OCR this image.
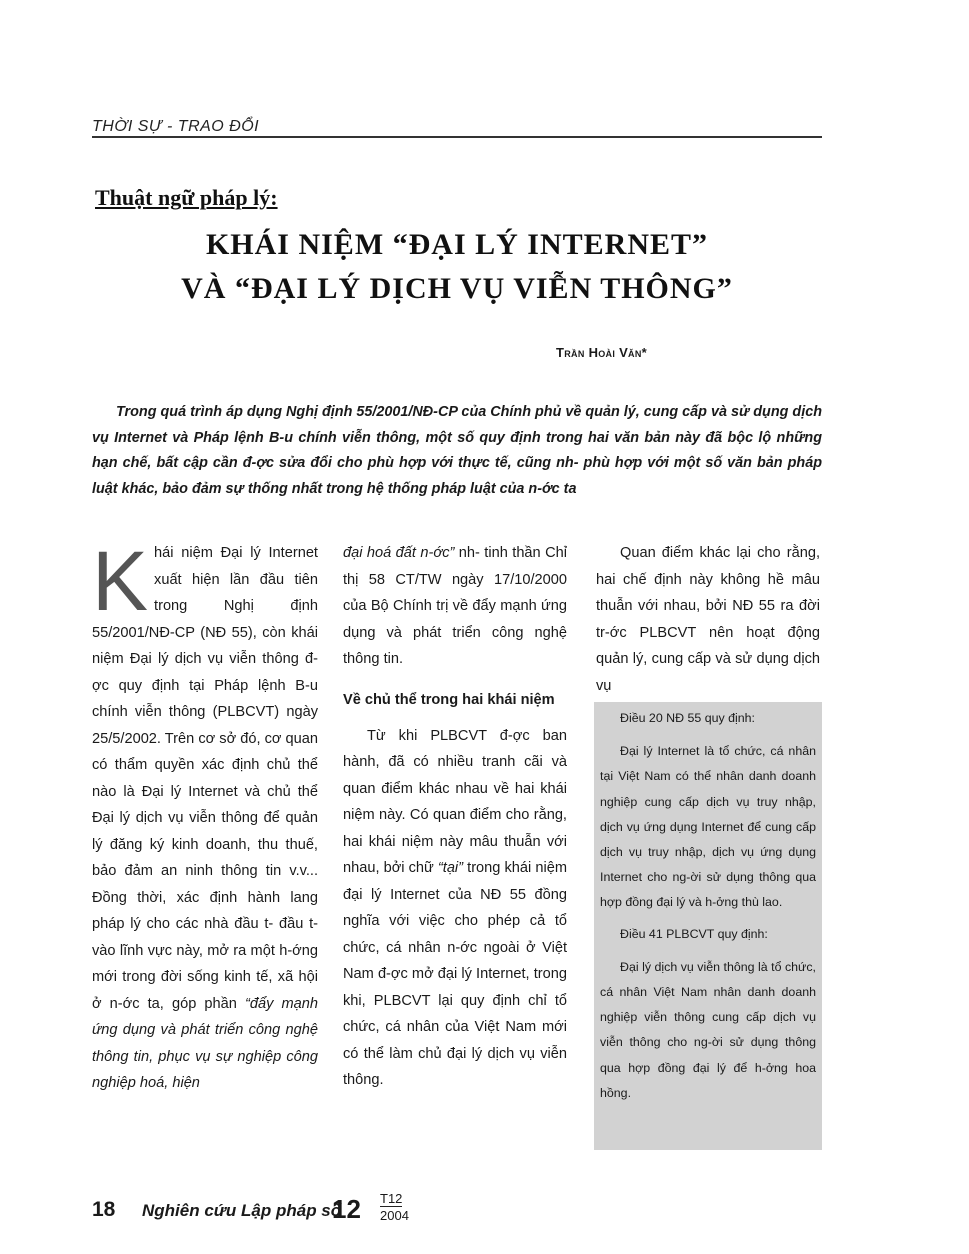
THỜI SỰ - TRAO ĐỔI
Thuật ngữ pháp lý:
KHÁI NIỆM “ĐẠI LÝ INTERNET”
VÀ “ĐẠI LÝ DỊCH VỤ VIỄN THÔNG”
Trần Hoài Văn*
Trong quá trình áp dụng Nghị định 55/2001/NĐ-CP của Chính phủ về quản lý, cung cấp và sử dụng dịch vụ Internet và Pháp lệnh B-u chính viễn thông, một số quy định trong hai văn bản này đã bộc lộ những hạn chế, bất cập cần đ-ợc sửa đổi cho phù hợp với thực tế, cũng nh- phù hợp với một số văn bản pháp luật khác, bảo đảm sự thống nhất trong hệ thống pháp luật của n-ớc ta

Khái niệm Đại lý Internet xuất hiện lần đầu tiên trong Nghị định 55/2001/NĐ-CP (NĐ 55), còn khái niệm Đại lý dịch vụ viễn thông đ-ợc quy định tại Pháp lệnh B-u chính viễn thông (PLBCVT) ngày 25/5/2002. Trên cơ sở đó, cơ quan có thẩm quyền xác định chủ thể nào là Đại lý Internet và chủ thể Đại lý dịch vụ viễn thông để quản lý đăng ký kinh doanh, thu thuế, bảo đảm an ninh thông tin v.v... Đồng thời, xác định hành lang pháp lý cho các nhà đầu t- đầu t- vào lĩnh vực này, mở ra một h-ớng mới trong đời sống kinh tế, xã hội ở n-ớc ta, góp phần “đẩy mạnh ứng dụng và phát triển công nghệ thông tin, phục vụ sự nghiệp công nghiệp hoá, hiện

đại hoá đất n-ớc” nh- tinh thần Chỉ thị 58 CT/TW ngày 17/10/2000 của Bộ Chính trị về đẩy mạnh ứng dụng và phát triển công nghệ thông tin.

Về chủ thể trong hai khái niệm

Từ khi PLBCVT đ-ợc ban hành, đã có nhiều tranh cãi và quan điểm khác nhau về hai khái niệm này. Có quan điểm cho rằng, hai khái niệm này mâu thuẫn với nhau, bởi chữ “tại” trong khái niệm đại lý Internet của NĐ 55 đồng nghĩa với việc cho phép cả tổ chức, cá nhân n-ớc ngoài ở Việt Nam đ-ợc mở đại lý Internet, trong khi, PLBCVT lại quy định chỉ tổ chức, cá nhân của Việt Nam mới có thể làm chủ đại lý dịch vụ viễn thông.

Quan điểm khác lại cho rằng, hai chế định này không hề mâu thuẫn với nhau, bởi NĐ 55 ra đời tr-ớc PLBCVT nên hoạt động quản lý, cung cấp và sử dụng dịch vụ

Điều 20 NĐ 55 quy định:

Đại lý Internet là tổ chức, cá nhân tại Việt Nam có thể nhân danh doanh nghiệp cung cấp dịch vụ truy nhập, dịch vụ ứng dụng Internet để cung cấp dịch vụ truy nhập, dịch vụ ứng dụng Internet cho ng-ời sử dụng thông qua hợp đồng đại lý và h-ởng thù lao.

Điều 41 PLBCVT quy định:

Đại lý dịch vụ viễn thông là tổ chức, cá nhân Việt Nam nhân danh doanh nghiệp viễn thông cung cấp dịch vụ viễn thông cho ng-ời sử dụng thông qua hợp đồng đại lý để h-ởng hoa hồng.

18 Nghiên cứu Lập pháp số
12 T12
2004
